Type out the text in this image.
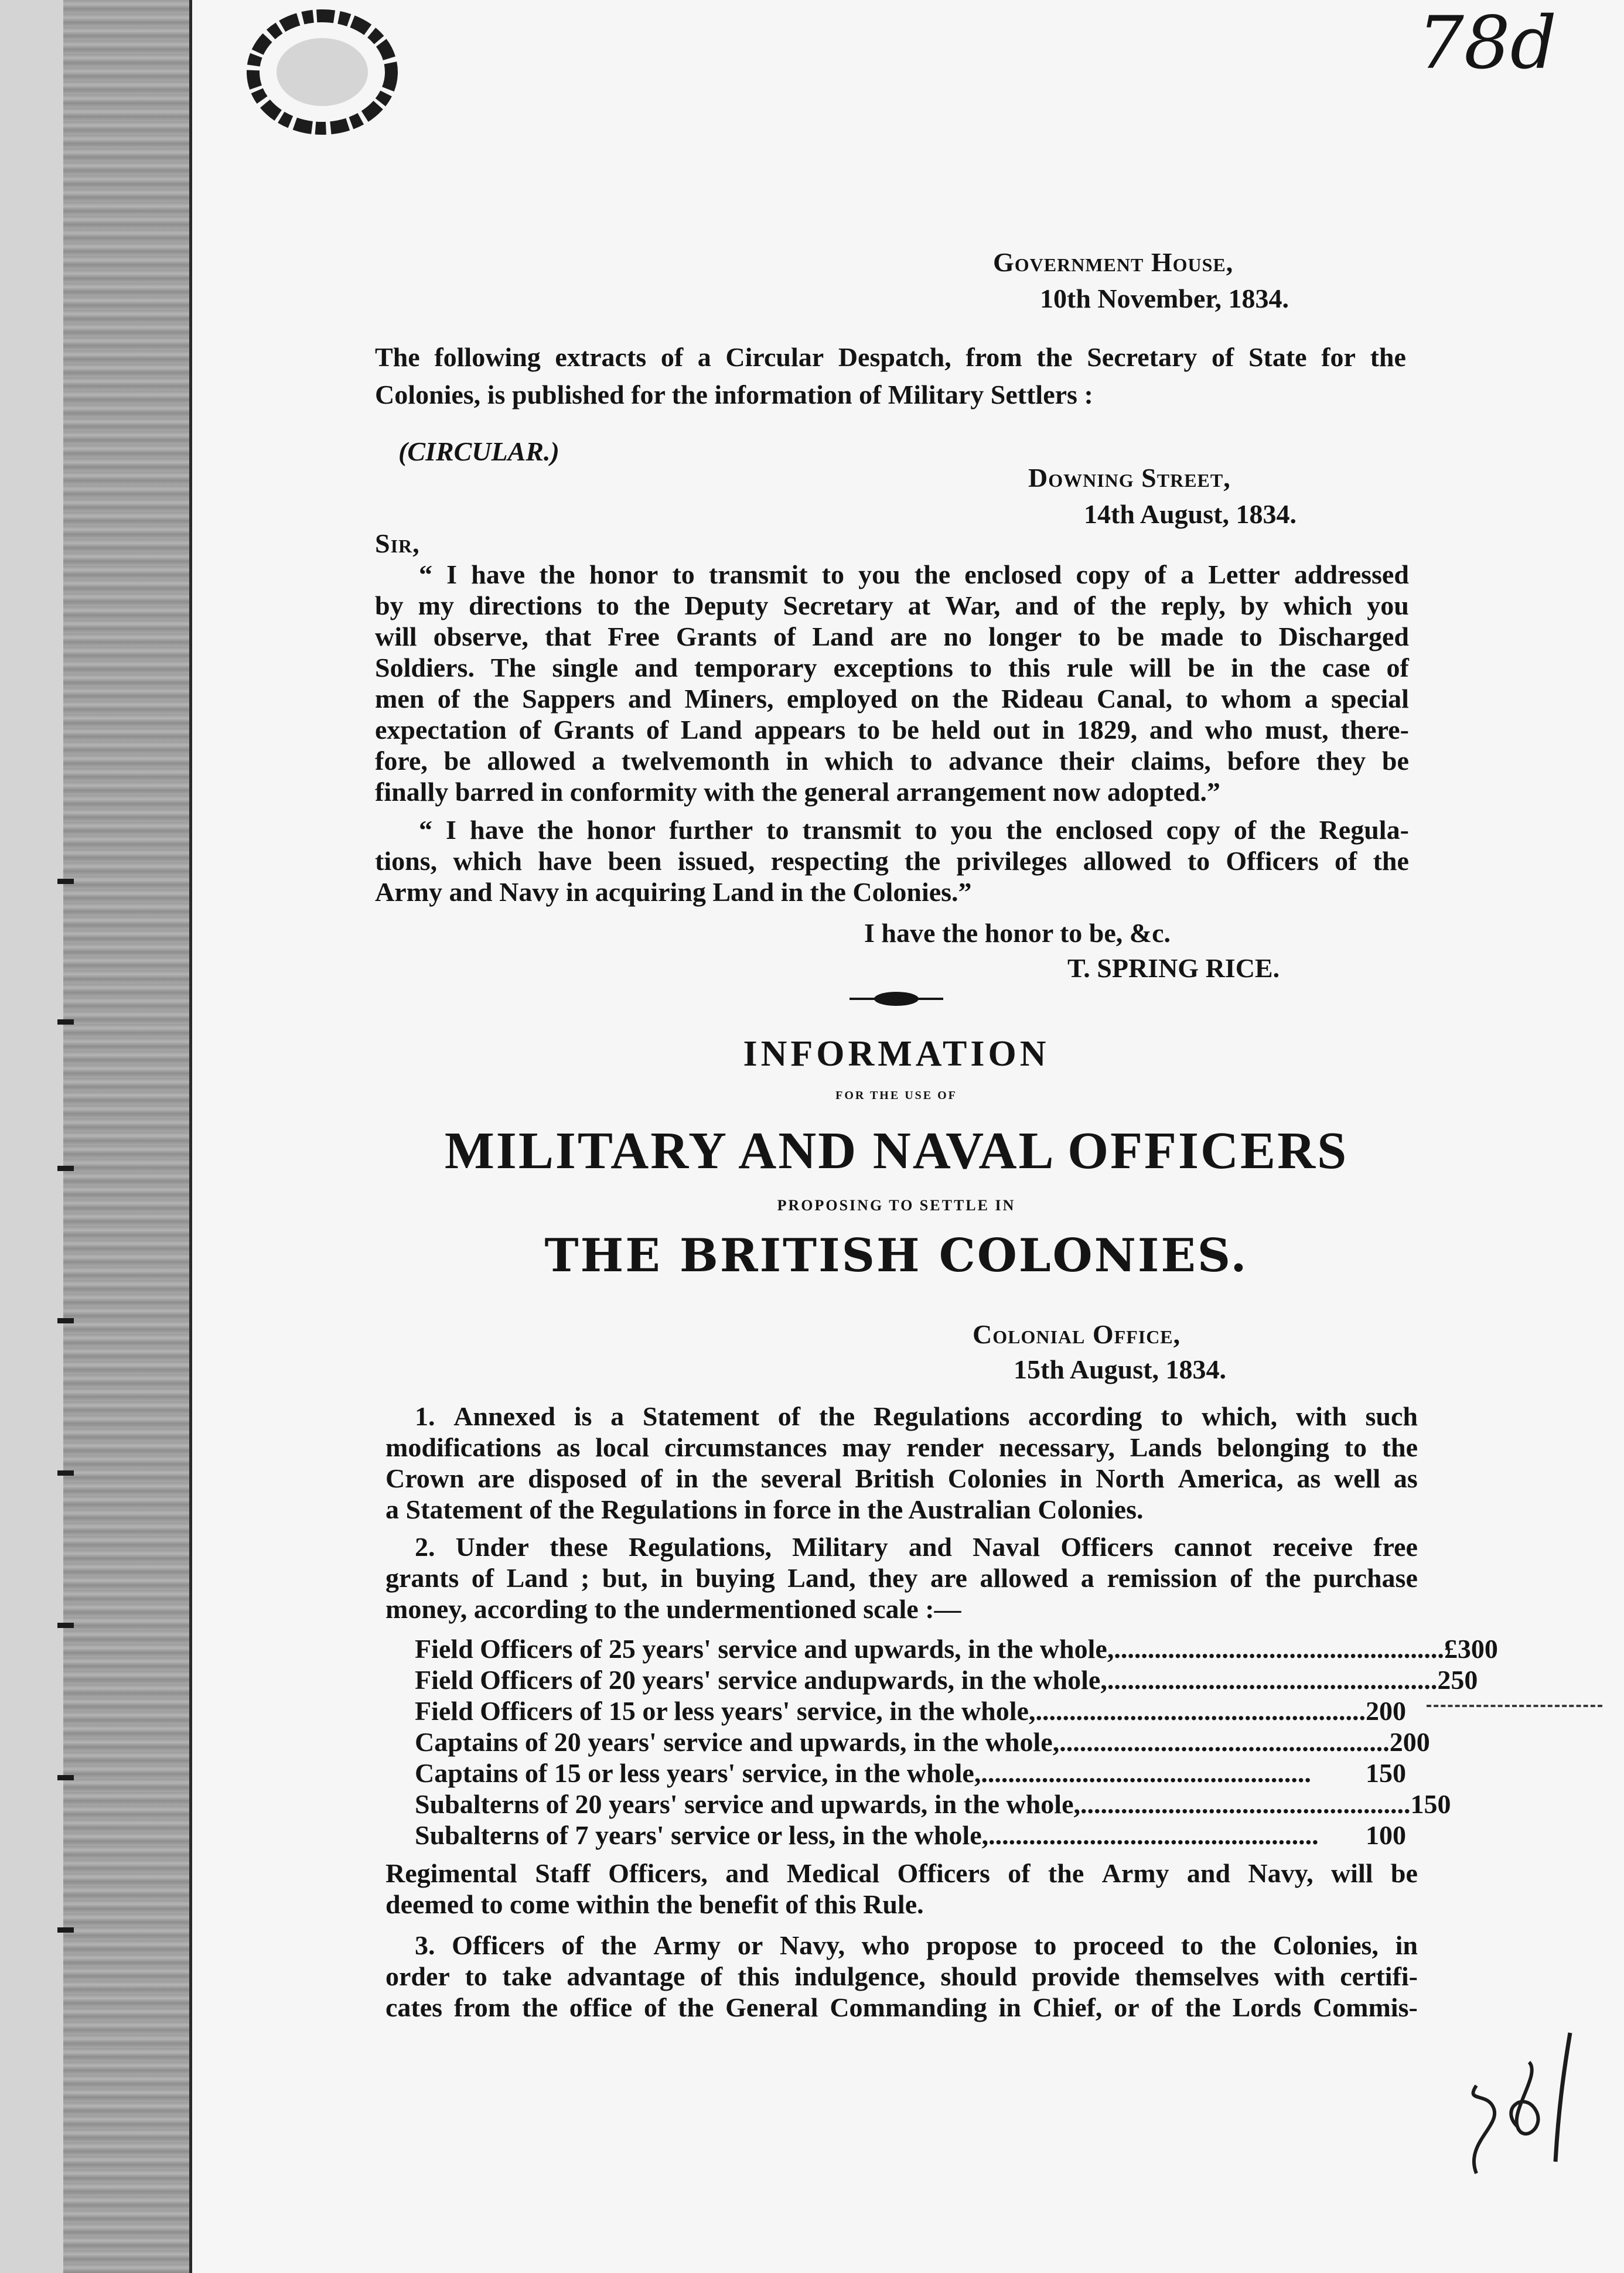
78d
Government House,
10th November, 1834.
The following extracts of a Circular Despatch, from the Secretary of State for the
Colonies, is published for the information of Military Settlers :
(CIRCULAR.)
Downing Street,
14th August, 1834.
Sir,
“ I have the honor to transmit to you the enclosed copy of a Letter addressed
by my directions to the Deputy Secretary at War, and of the reply, by which you
will observe, that Free Grants of Land are no longer to be made to Discharged
Soldiers. The single and temporary exceptions to this rule will be in the case of
men of the Sappers and Miners, employed on the Rideau Canal, to whom a special
expectation of Grants of Land appears to be held out in 1829, and who must, there-
fore, be allowed a twelvemonth in which to advance their claims, before they be
finally barred in conformity with the general arrangement now adopted.”
“ I have the honor further to transmit to you the enclosed copy of the Regula-
tions, which have been issued, respecting the privileges allowed to Officers of the
Army and Navy in acquiring Land in the Colonies.”
I have the honor to be, &c.
T. SPRING RICE.
INFORMATION
FOR THE USE OF
MILITARY AND NAVAL OFFICERS
PROPOSING TO SETTLE IN
THE BRITISH COLONIES.
Colonial Office,
15th August, 1834.
1. Annexed is a Statement of the Regulations according to which, with such
modifications as local circumstances may render necessary, Lands belonging to the
Crown are disposed of in the several British Colonies in North America, as well as
a Statement of the Regulations in force in the Australian Colonies.
2. Under these Regulations, Military and Naval Officers cannot receive free
grants of Land ; but, in buying Land, they are allowed a remission of the purchase
money, according to the undermentioned scale :—
Field Officers of 25 years' service and upwards, in the whole, ................................................. £300
Field Officers of 20 years' service andupwards, in the whole, ................................................. 250
Field Officers of 15 or less years' service, in the whole, ................................................. 200
Captains of 20 years' service and upwards, in the whole, ................................................. 200
Captains of 15 or less years' service, in the whole, .................................................	150
Subalterns of 20 years' service and upwards, in the whole, ................................................. 150
Subalterns of 7 years' service or less, in the whole, .................................................	100
Regimental Staff Officers, and Medical Officers of the Army and Navy, will be
deemed to come within the benefit of this Rule.
3. Officers of the Army or Navy, who propose to proceed to the Colonies, in
order to take advantage of this indulgence, should provide themselves with certifi-
cates from the office of the General Commanding in Chief, or of the Lords Commis-
